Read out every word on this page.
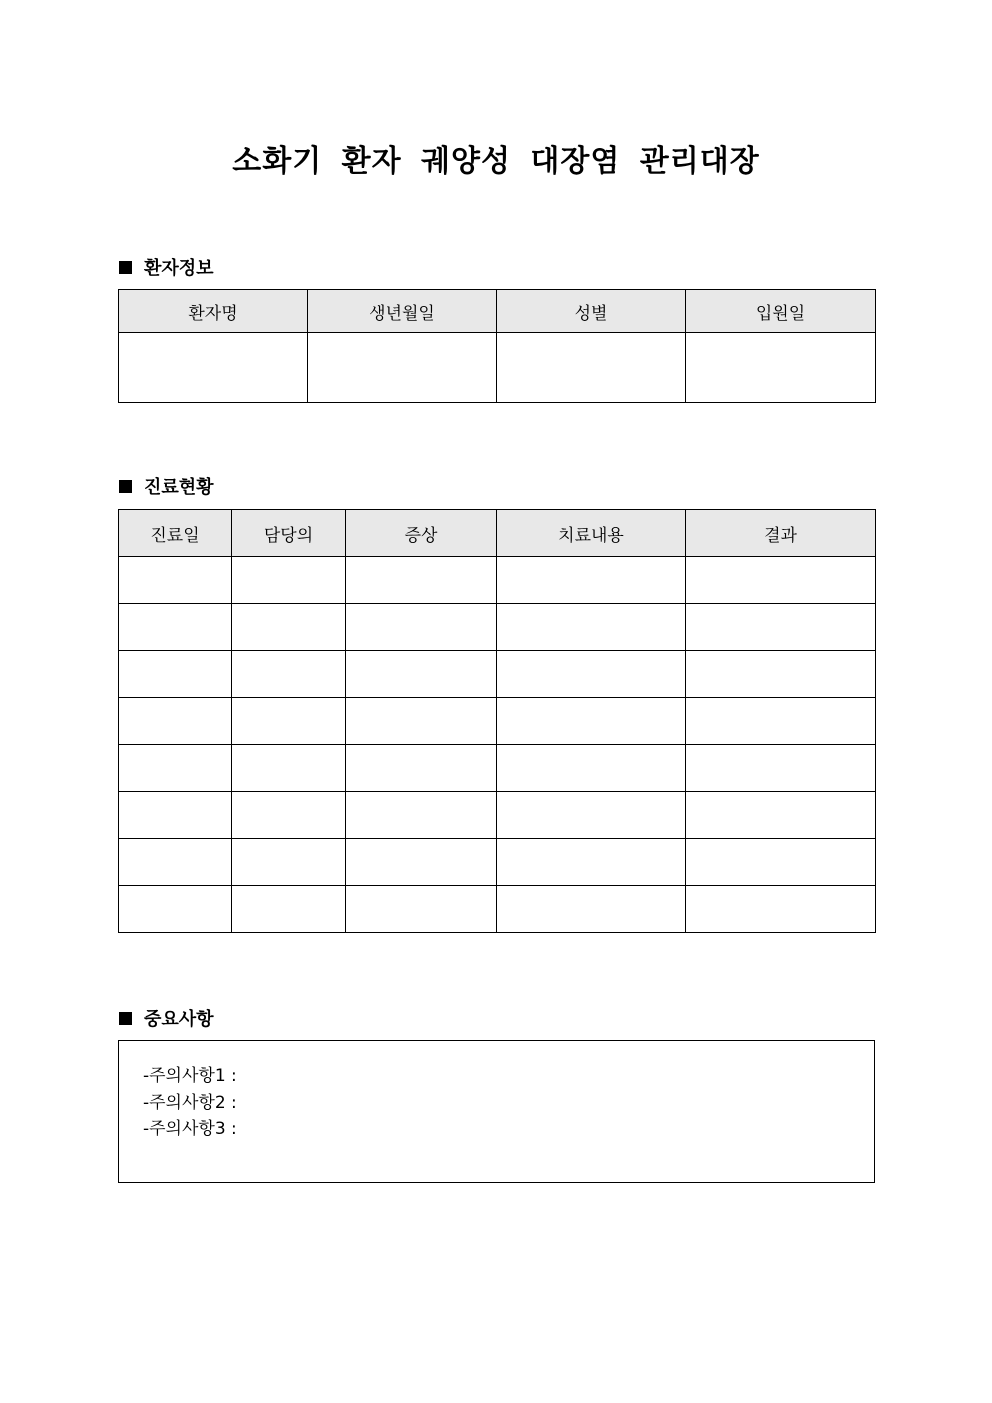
소화기 환자 궤양성 대장염 관리대장
환자정보
환자명	생년월일	성별	입원일

진료현황
진료일	담당의	증상	치료내용	결과

중요사항
-주의사항1 :
-주의사항2 :
-주의사항3 :
